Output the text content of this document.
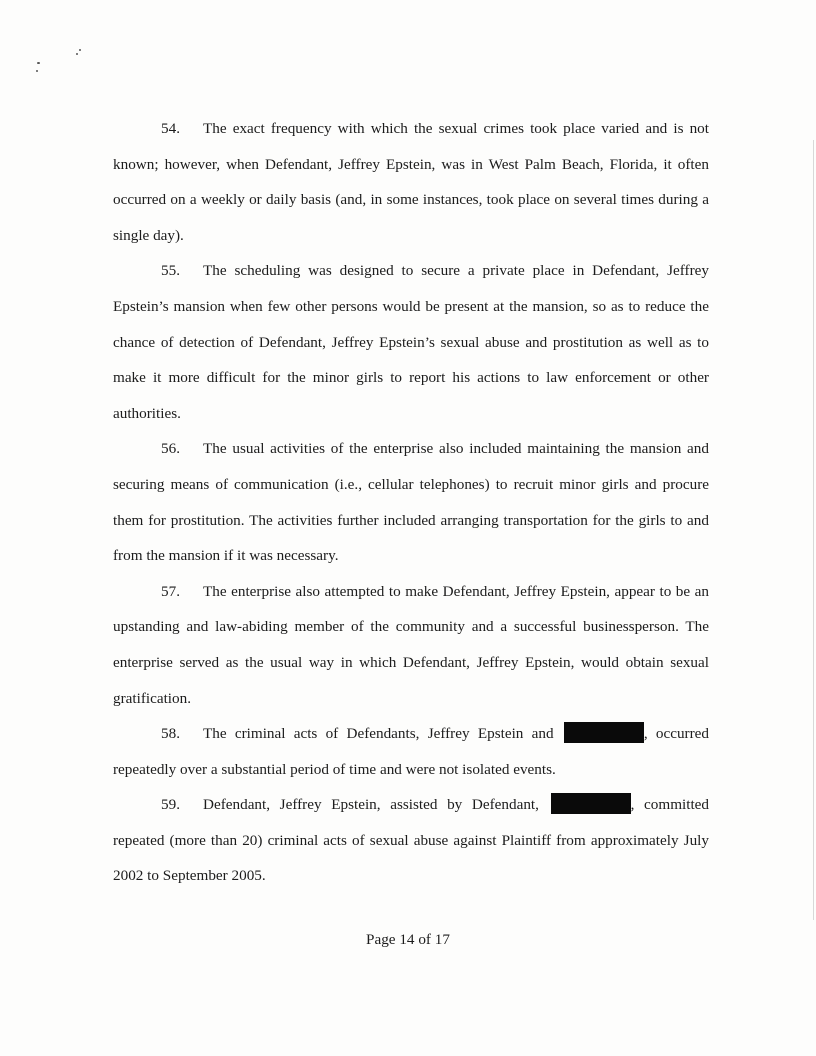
54. The exact frequency with which the sexual crimes took place varied and is not known; however, when Defendant, Jeffrey Epstein, was in West Palm Beach, Florida, it often occurred on a weekly or daily basis (and, in some instances, took place on several times during a single day).

55. The scheduling was designed to secure a private place in Defendant, Jeffrey Epstein’s mansion when few other persons would be present at the mansion, so as to reduce the chance of detection of Defendant, Jeffrey Epstein’s sexual abuse and prostitution as well as to make it more difficult for the minor girls to report his actions to law enforcement or other authorities.

56. The usual activities of the enterprise also included maintaining the mansion and securing means of communication (i.e., cellular telephones) to recruit minor girls and procure them for prostitution. The activities further included arranging transportation for the girls to and from the mansion if it was necessary.

57. The enterprise also attempted to make Defendant, Jeffrey Epstein, appear to be an upstanding and law-abiding member of the community and a successful businessperson. The enterprise served as the usual way in which Defendant, Jeffrey Epstein, would obtain sexual gratification.

58. The criminal acts of Defendants, Jeffrey Epstein and	, occurred repeatedly over a substantial period of time and were not isolated events.

59. Defendant, Jeffrey Epstein, assisted by Defendant,	, committed repeated (more than 20) criminal acts of sexual abuse against Plaintiff from approximately July 2002 to September 2005.

Page 14 of 17
